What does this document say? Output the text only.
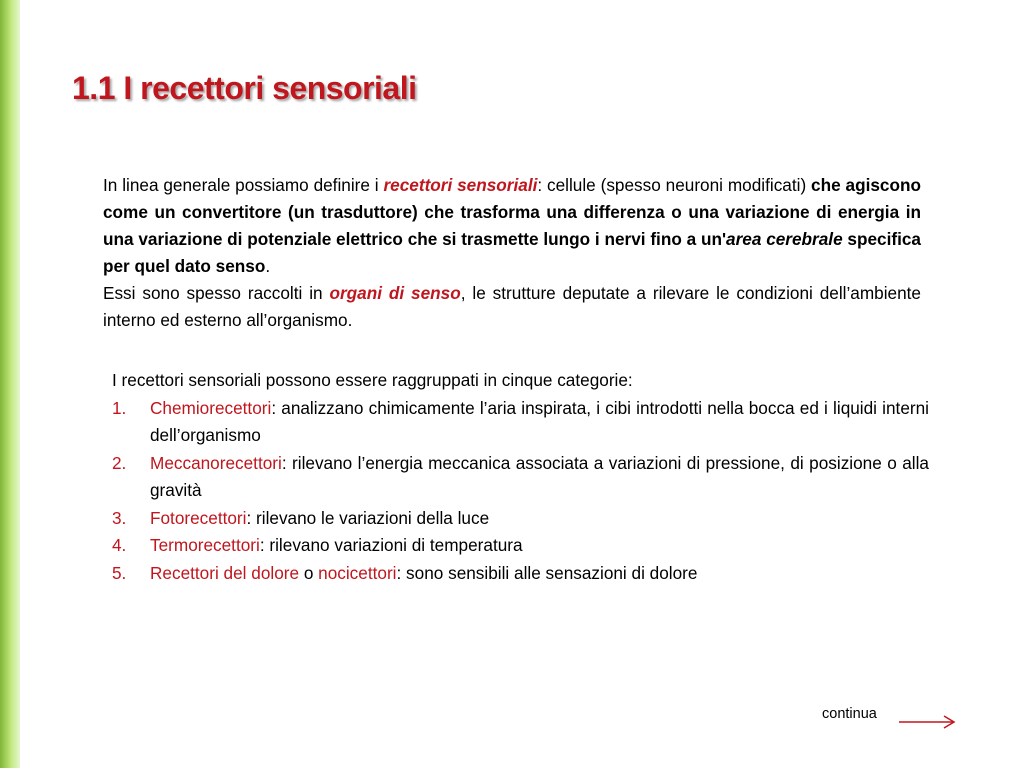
1.1 I recettori sensoriali

In linea generale possiamo definire i recettori sensoriali: cellule (spesso neuroni modificati) che agiscono come un convertitore (un trasduttore) che trasforma una differenza o una variazione di energia in una variazione di potenziale elettrico che si trasmette lungo i nervi fino a un'area cerebrale specifica per quel dato senso.

Essi sono spesso raccolti in organi di senso, le strutture deputate a rilevare le condizioni dell’ambiente interno ed esterno all’organismo.

I recettori sensoriali possono essere raggruppati in cinque categorie:

1. Chemiorecettori: analizzano chimicamente l’aria inspirata, i cibi introdotti nella bocca ed i liquidi interni dell’organismo
2. Meccanorecettori: rilevano l’energia meccanica associata a variazioni di pressione, di posizione o alla gravità
3. Fotorecettori: rilevano le variazioni della luce
4. Termorecettori: rilevano variazioni di temperatura
5. Recettori del dolore o nocicettori: sono sensibili alle sensazioni di dolore
continua
